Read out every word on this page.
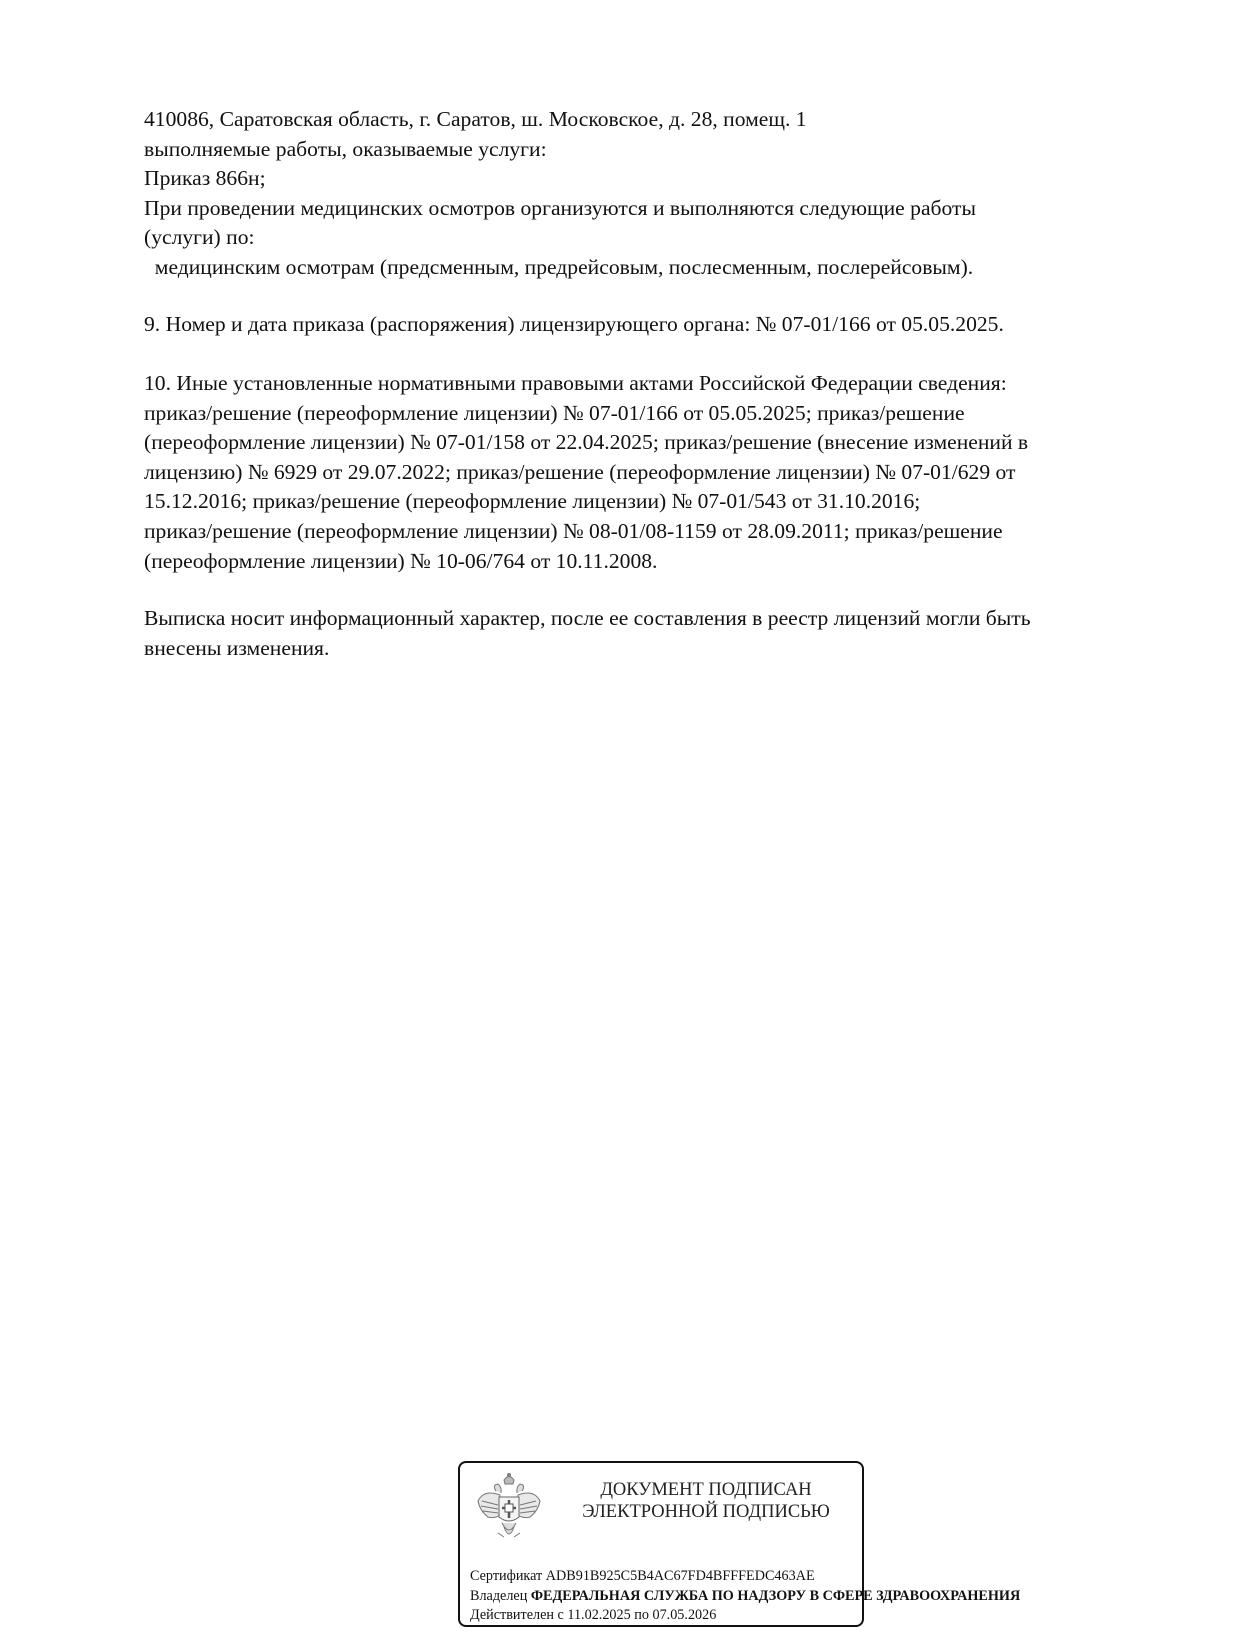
410086, Саратовская область, г. Саратов, ш. Московское, д. 28, помещ. 1
выполняемые работы, оказываемые услуги:
Приказ 866н;
При проведении медицинских осмотров организуются и выполняются следующие работы
(услуги) по:
медицинским осмотрам (предсменным, предрейсовым, послесменным, послерейсовым).
9. Номер и дата приказа (распоряжения) лицензирующего органа: № 07-01/166 от 05.05.2025.
10. Иные установленные нормативными правовыми актами Российской Федерации сведения:
приказ/решение (переоформление лицензии) № 07-01/166 от 05.05.2025; приказ/решение
(переоформление лицензии) № 07-01/158 от 22.04.2025; приказ/решение (внесение изменений в
лицензию) № 6929 от 29.07.2022; приказ/решение (переоформление лицензии) № 07-01/629 от
15.12.2016; приказ/решение (переоформление лицензии) № 07-01/543 от 31.10.2016;
приказ/решение (переоформление лицензии) № 08-01/08-1159 от 28.09.2011; приказ/решение
(переоформление лицензии) № 10-06/764 от 10.11.2008.
Выписка носит информационный характер, после ее составления в реестр лицензий могли быть
внесены изменения.
ДОКУМЕНТ ПОДПИСАН
ЭЛЕКТРОННОЙ ПОДПИСЬЮ
Сертификат ADB91B925C5B4AC67FD4BFFFEDC463AE
Владелец ФЕДЕРАЛЬНАЯ СЛУЖБА ПО НАДЗОРУ В СФЕРЕ ЗДРАВООХРАНЕНИЯ
Действителен с 11.02.2025 по 07.05.2026
